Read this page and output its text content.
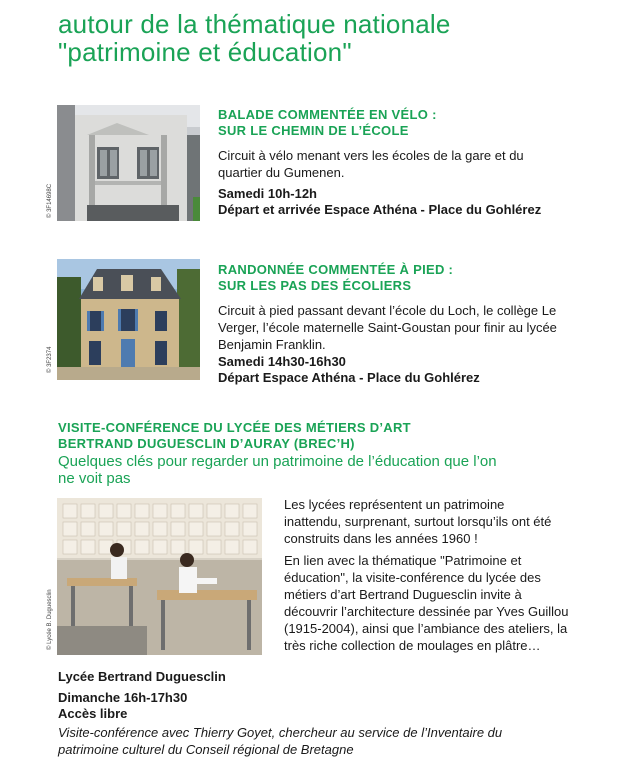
autour de la thématique nationale
"patrimoine et éducation"
© 3F14698C
BALADE COMMENTÉE EN VÉLO :
SUR LE CHEMIN DE L’ÉCOLE

Circuit à vélo menant vers les écoles de la gare et du quartier du Gumenen.

Samedi 10h-12h

Départ et arrivée Espace Athéna - Place du Gohlérez

© 3F2374
RANDONNÉE COMMENTÉE À PIED :
SUR LES PAS DES ÉCOLIERS

Circuit à pied passant devant l’école du Loch, le collège Le Verger, l’école maternelle Saint-Goustan pour finir au lycée Benjamin Franklin.

Samedi 14h30-16h30

Départ Espace Athéna - Place du Gohlérez

VISITE-CONFÉRENCE DU LYCÉE DES MÉTIERS D’ART
BERTRAND DUGUESCLIN D’AURAY (BREC’H)

Quelques clés pour regarder un patrimoine de l’éducation que l’on ne voit pas

© Lycée B. Duguesclin

Les lycées représentent un patrimoine inattendu, surprenant, surtout lorsqu’ils ont été construits dans les années 1960 !

En lien avec la thématique "Patrimoine et éducation", la visite-conférence du lycée des métiers d’art Bertrand Duguesclin invite à découvrir l’architecture dessinée par Yves Guillou (1915-2004), ainsi que l’ambiance des ateliers, la très riche collection de moulages en plâtre…

Lycée Bertrand Duguesclin

Dimanche 16h-17h30

Accès libre

Visite-conférence avec Thierry Goyet, chercheur au service de l’Inventaire du patrimoine culturel du Conseil régional de Bretagne
